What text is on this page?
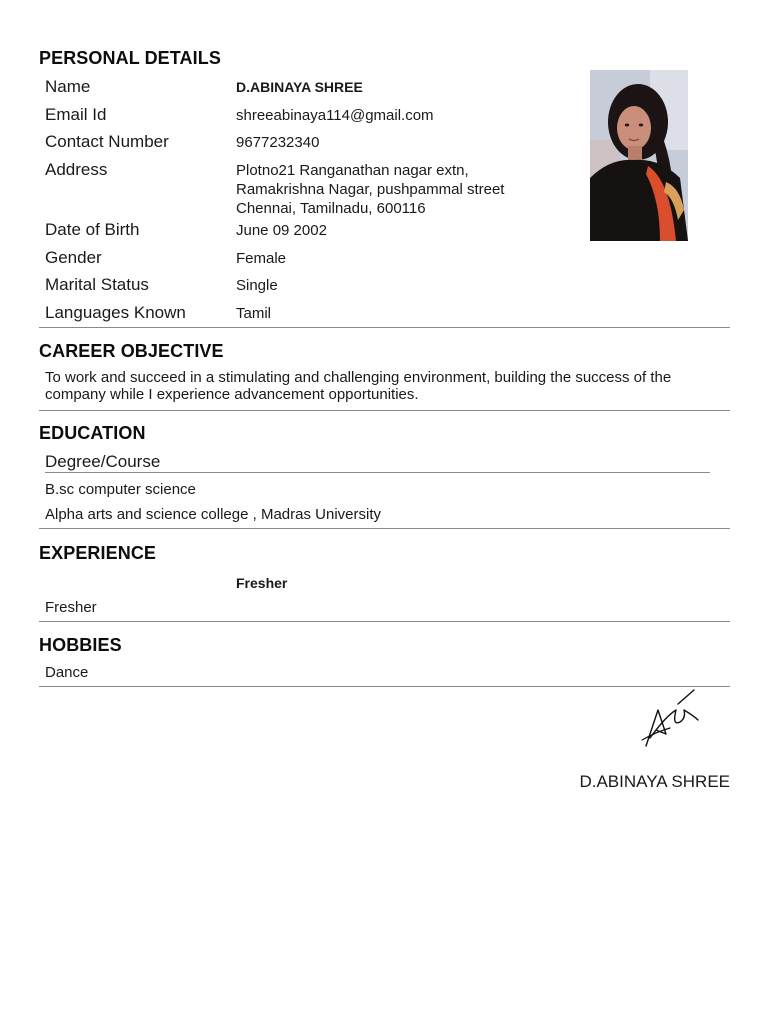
PERSONAL DETAILS
Name	D.ABINAYA SHREE
Email Id	shreeabinaya114@gmail.com
Contact Number	9677232340
Address	Plotno21 Ranganathan nagar extn,
Ramakrishna Nagar, pushpammal street
Chennai, Tamilnadu, 600116
Date of Birth	June 09 2002
Gender	Female
Marital Status	Single
Languages Known	Tamil
CAREER OBJECTIVE
To work and succeed in a stimulating and challenging environment, building the success of the company while I experience advancement opportunities.
EDUCATION
Degree/Course
B.sc computer science
Alpha arts and science college , Madras University
EXPERIENCE
Fresher
Fresher
HOBBIES
Dance
D.ABINAYA SHREE
